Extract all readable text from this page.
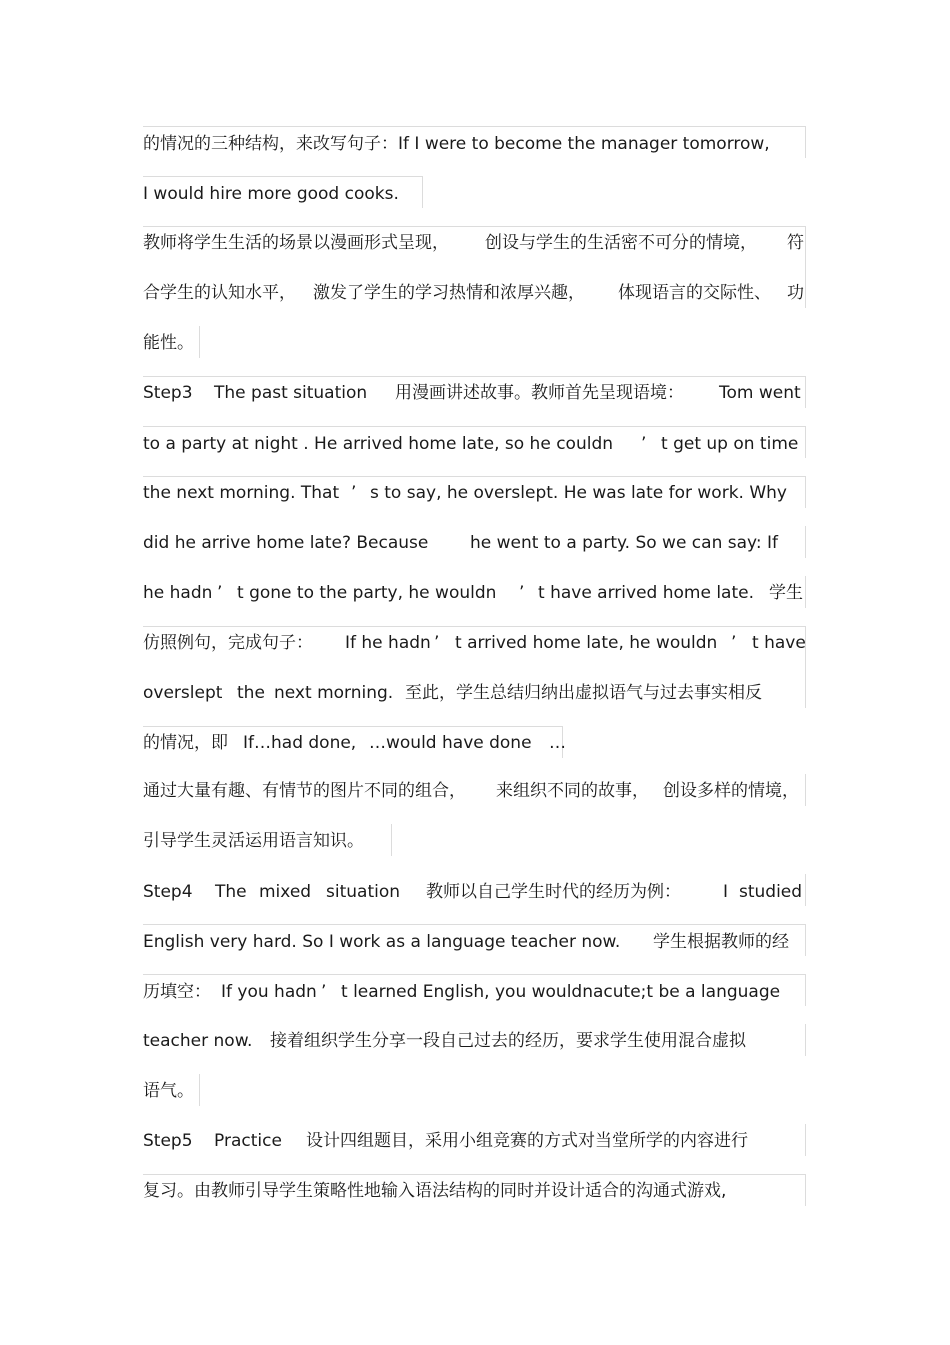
的情况的三种结构，来改写句子：If I were to become the manager tomorrow,

I would hire more good cooks.

教师将学生生活的场景以漫画形式呈现，

创设与学生的生活密不可分的情境，

符

合学生的认知水平，

激发了学生的学习热情和浓厚兴趣，

体现语言的交际性、

功

能性。

Step3

The past situation

用漫画讲述故事。教师首先呈现语境：

Tom went

to a party at night . He arrived home late, so he couldn

’

t get up on time

the next morning. That

’

s to say, he overslept. He was late for work. Why

did he arrive home late? Because

he went to a party. So we can say: If

he hadn

’

t gone to the party, he wouldn

’

t have arrived home late.

学生

仿照例句，完成句子：

If he hadn

’

t arrived home late, he wouldn

’

t have

overslept

the

next morning.

至此，学生总结归纳出虚拟语气与过去事实相反

的情况，即

If…had done,

…would have done

…

通过大量有趣、有情节的图片不同的组合，

来组织不同的故事，

创设多样的情境，

引导学生灵活运用语言知识。

Step4

The

mixed

situation

教师以自己学生时代的经历为例：

I

studied

English very hard. So I work as a language teacher now.

学生根据教师的经

历填空：

If you hadn

’

t learned English, you wouldnacute;t be a language

teacher now.

接着组织学生分享一段自己过去的经历，要求学生使用混合虚拟

语气。

Step5

Practice

设计四组题目，采用小组竞赛的方式对当堂所学的内容进行

复习。由教师引导学生策略性地输入语法结构的同时并设计适合的沟通式游戏,
